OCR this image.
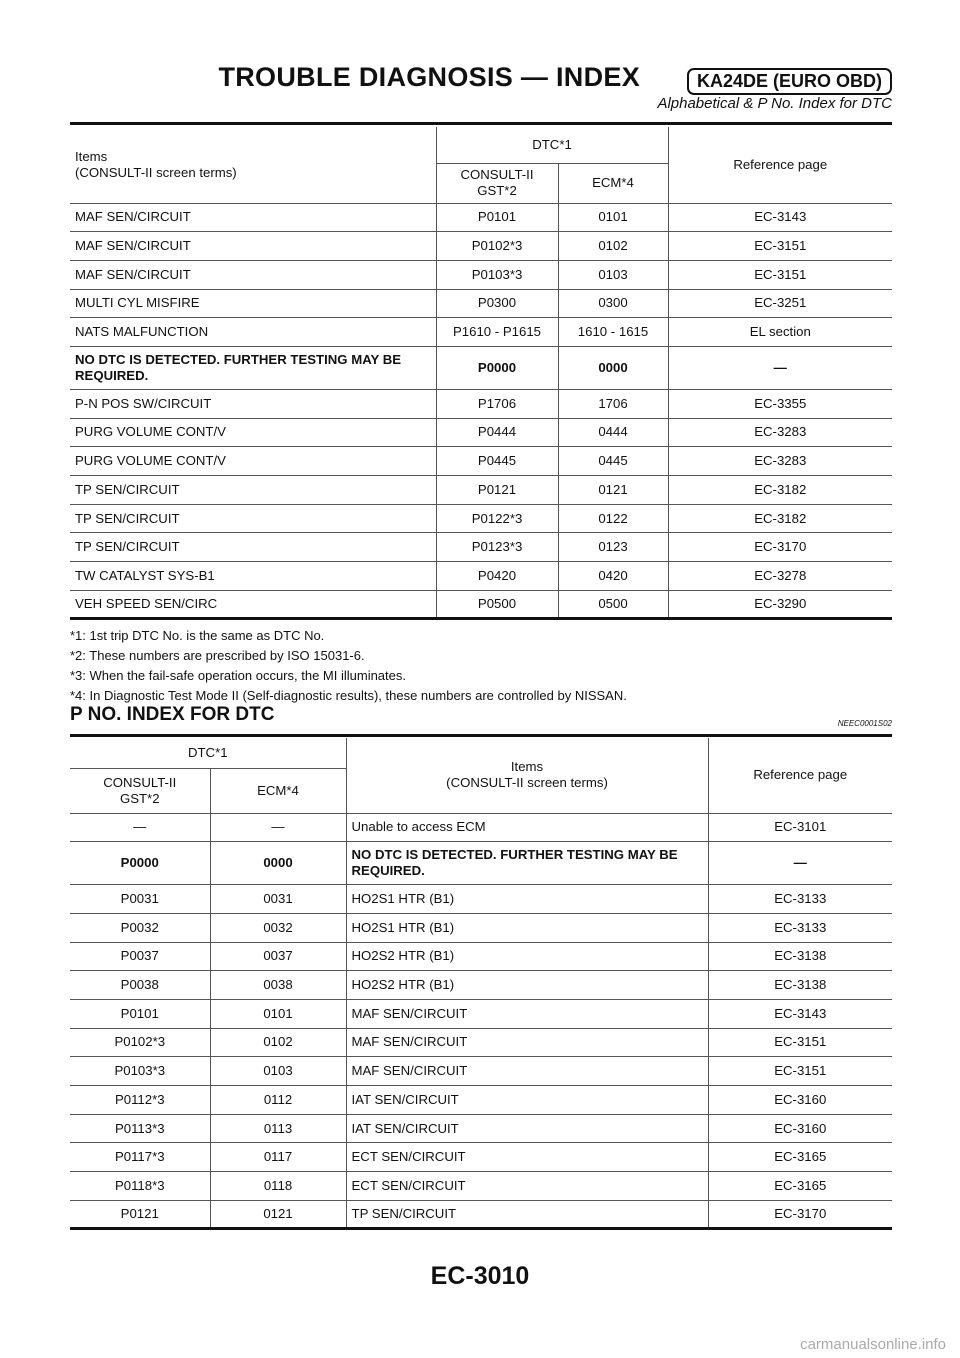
TROUBLE DIAGNOSIS — INDEX	KA24DE (EURO OBD)
Alphabetical & P No. Index for DTC
Items
(CONSULT-II screen terms)	DTC*1		Reference page
	CONSULT-II
GST*2	ECM*4	
MAF SEN/CIRCUIT	P0101	0101	EC-3143
MAF SEN/CIRCUIT	P0102*3	0102	EC-3151
MAF SEN/CIRCUIT	P0103*3	0103	EC-3151
MULTI CYL MISFIRE	P0300	0300	EC-3251
NATS MALFUNCTION	P1610 - P1615	1610 - 1615	EL section
NO DTC IS DETECTED. FURTHER TESTING MAY BE REQUIRED.	P0000	0000	—
P-N POS SW/CIRCUIT	P1706	1706	EC-3355
PURG VOLUME CONT/V	P0444	0444	EC-3283
PURG VOLUME CONT/V	P0445	0445	EC-3283
TP SEN/CIRCUIT	P0121	0121	EC-3182
TP SEN/CIRCUIT	P0122*3	0122	EC-3182
TP SEN/CIRCUIT	P0123*3	0123	EC-3170
TW CATALYST SYS-B1	P0420	0420	EC-3278
VEH SPEED SEN/CIRC	P0500	0500	EC-3290
*1: 1st trip DTC No. is the same as DTC No.
*2: These numbers are prescribed by ISO 15031-6.
*3: When the fail-safe operation occurs, the MI illuminates.
*4: In Diagnostic Test Mode II (Self-diagnostic results), these numbers are controlled by NISSAN.
P NO. INDEX FOR DTC	NEEC0001S02
DTC*1		Items
(CONSULT-II screen terms)	Reference page
CONSULT-II
GST*2	ECM*4		
—	—	Unable to access ECM	EC-3101
P0000	0000	NO DTC IS DETECTED. FURTHER TESTING MAY BE REQUIRED.	—
P0031	0031	HO2S1 HTR (B1)	EC-3133
P0032	0032	HO2S1 HTR (B1)	EC-3133
P0037	0037	HO2S2 HTR (B1)	EC-3138
P0038	0038	HO2S2 HTR (B1)	EC-3138
P0101	0101	MAF SEN/CIRCUIT	EC-3143
P0102*3	0102	MAF SEN/CIRCUIT	EC-3151
P0103*3	0103	MAF SEN/CIRCUIT	EC-3151
P0112*3	0112	IAT SEN/CIRCUIT	EC-3160
P0113*3	0113	IAT SEN/CIRCUIT	EC-3160
P0117*3	0117	ECT SEN/CIRCUIT	EC-3165
P0118*3	0118	ECT SEN/CIRCUIT	EC-3165
P0121	0121	TP SEN/CIRCUIT	EC-3170
EC-3010
carmanualsonline.info
